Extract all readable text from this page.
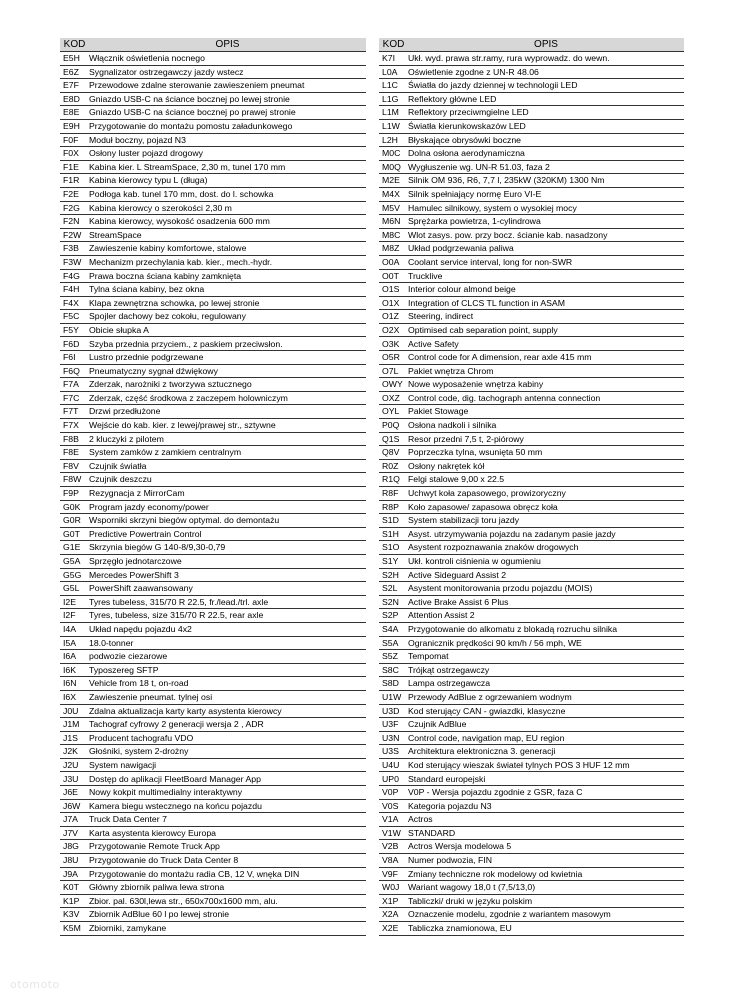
KOD	OPIS
E5H	Włącznik oświetlenia nocnego
E6Z	Sygnalizator ostrzegawczy jazdy wstecz
E7F	Przewodowe zdalne sterowanie zawieszeniem pneumat
E8D	Gniazdo USB-C na ściance bocznej po lewej stronie
E8E	Gniazdo USB-C na ściance bocznej po prawej stronie
E9H	Przygotowanie do montażu pomostu załadunkowego
F0F	Moduł boczny, pojazd N3
F0X	Osłony luster pojazd drogowy
F1E	Kabina kier. L StreamSpace, 2,30 m, tunel 170 mm
F1R	Kabina kierowcy typu L (długa)
F2E	Podłoga kab. tunel 170 mm, dost. do l. schowka
F2G	Kabina kierowcy o szerokości 2,30 m
F2N	Kabina kierowcy, wysokość osadzenia 600 mm
F2W	StreamSpace
F3B	Zawieszenie kabiny komfortowe, stalowe
F3W	Mechanizm przechylania kab. kier., mech.-hydr.
F4G	Prawa boczna ściana kabiny zamknięta
F4H	Tylna ściana kabiny, bez okna
F4X	Klapa zewnętrzna schowka, po lewej stronie
F5C	Spojler dachowy bez cokołu, regulowany
F5Y	Obicie słupka A
F6D	Szyba przednia przyciem., z paskiem przeciwsłon.
F6I	Lustro przednie podgrzewane
F6Q	Pneumatyczny sygnał dźwiękowy
F7A	Zderzak, narożniki z tworzywa sztucznego
F7C	Zderzak, część środkowa z zaczepem holowniczym
F7T	Drzwi przedłużone
F7X	Wejście do kab. kier. z lewej/prawej str., sztywne
F8B	2 kluczyki z pilotem
F8E	System zamków z zamkiem centralnym
F8V	Czujnik światła
F8W	Czujnik deszczu
F9P	Rezygnacja z MirrorCam
G0K	Program jazdy economy/power
G0R	Wsporniki skrzyni biegów optymal. do demontażu
G0T	Predictive Powertrain Control
G1E	Skrzynia biegów G 140-8/9,30-0,79
G5A	Sprzęgło jednotarczowe
G5G	Mercedes PowerShift 3
G5L	PowerShift zaawansowany
I2E	Tyres tubeless, 315/70 R 22.5, fr./lead./trl. axle
I2F	Tyres, tubeless, size 315/70 R 22.5, rear axle
I4A	Układ napędu pojazdu 4x2
I5A	18.0-tonner
I6A	podwozie ciezarowe
I6K	Typoszereg SFTP
I6N	Vehicle from 18 t, on-road
I6X	Zawieszenie pneumat. tylnej osi
J0U	Zdalna aktualizacja karty karty asystenta kierowcy
J1M	Tachograf cyfrowy 2 generacji wersja 2 , ADR
J1S	Producent tachografu VDO
J2K	Głośniki, system 2-drożny
J2U	System nawigacji
J3U	Dostęp do aplikacji FleetBoard Manager App
J6E	Nowy kokpit multimedialny interaktywny
J6W	Kamera biegu wstecznego na końcu pojazdu
J7A	Truck Data Center 7
J7V	Karta asystenta kierowcy Europa
J8G	Przygotowanie Remote Truck App
J8U	Przygotowanie do Truck Data Center 8
J9A	Przygotowanie do montażu radia CB, 12 V, wnęka DIN
K0T	Główny zbiornik paliwa lewa strona
K1P	Zbior. pal. 630l,lewa str., 650x700x1600 mm, alu.
K3V	Zbiornik AdBlue 60 l po lewej stronie
K5M	Zbiorniki, zamykane
KOD	OPIS
K7I	Ukł. wyd. prawa str.ramy, rura wyprowadz. do wewn.
L0A	Oświetlenie zgodne z UN-R 48.06
L1C	Światła do jazdy dziennej w technologii LED
L1G	Reflektory główne LED
L1M	Reflektory przeciwmgielne LED
L1W	Światła kierunkowskazów LED
L2H	Błyskające obrysówki boczne
M0C	Dolna osłona aerodynamiczna
M0Q	Wygłuszenie wg. UN-R 51.03, faza 2
M2E	Silnik OM 936, R6, 7,7 l, 235kW (320KM) 1300 Nm
M4X	Silnik spełniający normę Euro VI-E
M5V	Hamulec silnikowy, system o wysokiej mocy
M6N	Sprężarka powietrza, 1-cylindrowa
M8C	Wlot zasys. pow. przy bocz. ścianie kab. nasadzony
M8Z	Układ podgrzewania paliwa
O0A	Coolant service interval, long for non-SWR
O0T	Trucklive
O1S	Interior colour almond beige
O1X	Integration of CLCS TL function in ASAM
O1Z	Steering, indirect
O2X	Optimised cab separation point, supply
O3K	Active Safety
O5R	Control code for A dimension, rear axle 415 mm
O7L	Pakiet wnętrza Chrom
OWY	Nowe wyposażenie wnętrza kabiny
OXZ	Control code, dig. tachograph antenna connection
OYL	Pakiet Stowage
P0Q	Osłona nadkoli i silnika
Q1S	Resor przedni 7,5 t, 2-piórowy
Q8V	Poprzeczka tylna, wsunięta 50 mm
R0Z	Osłony nakrętek kół
R1Q	Felgi stalowe 9,00 x 22.5
R8F	Uchwyt koła zapasowego, prowizoryczny
R8P	Koło zapasowe/ zapasowa obręcz koła
S1D	System stabilizacji toru jazdy
S1H	Asyst. utrzymywania pojazdu na zadanym pasie jazdy
S1O	Asystent rozpoznawania znaków drogowych
S1Y	Ukł. kontroli ciśnienia w ogumieniu
S2H	Active Sideguard Assist 2
S2L	Asystent monitorowania przodu pojazdu (MOIS)
S2N	Active Brake Assist 6 Plus
S2P	Attention Assist 2
S4A	Przygotowanie do alkomatu z blokadą rozruchu silnika
S5A	Ogranicznik prędkości 90 km/h / 56 mph, WE
S5Z	Tempomat
S8C	Trójkąt ostrzegawczy
S8D	Lampa ostrzegawcza
U1W	Przewody AdBlue z ogrzewaniem wodnym
U3D	Kod sterujący CAN - gwiazdki, klasyczne
U3F	Czujnik AdBlue
U3N	Control code, navigation map, EU region
U3S	Architektura elektroniczna 3. generacji
U4U	Kod sterujący wieszak świateł tylnych POS 3 HUF 12 mm
UP0	Standard europejski
V0P	V0P - Wersja pojazdu zgodnie z GSR, faza C
V0S	Kategoria pojazdu N3
V1A	Actros
V1W	STANDARD
V2B	Actros Wersja modelowa 5
V8A	Numer podwozia, FIN
V9F	Zmiany techniczne rok modelowy od kwietnia
W0J	Wariant wagowy 18,0 t (7,5/13,0)
X1P	Tabliczki/ druki w języku polskim
X2A	Oznaczenie modelu, zgodnie z wariantem masowym
X2E	Tabliczka znamionowa, EU
otomoto
